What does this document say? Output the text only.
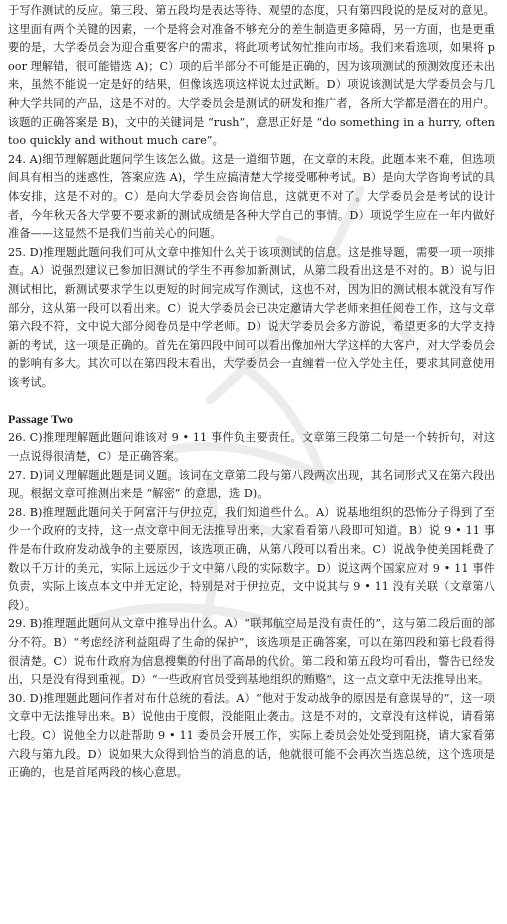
于写作测试的反应。第三段、第五段均是表达等待、观望的态度，只有第四段说的是反对的意见。这里面有两个关键的因素，一个是将会对准备不够充分的差生制造更多障碍，另一方面，也是更重要的是，大学委员会为迎合重要客户的需求，将此项考试匆忙推向市场。我们来看选项，如果将 poor 理解错，很可能错选 A)；C）项的后半部分不可能是正确的，因为该项测试的预测效度还未出来，虽然不能说一定是好的结果，但像该选项这样说太过武断。D）项说该测试是大学委员会与几种大学共同的产品，这是不对的。大学委员会是测试的研发和推广者，各所大学都是潜在的用户。该题的正确答案是 B)，文中的关键词是 “rush”，意思正好是 “do something in a hurry, often too quickly and without much care”。

24. A)细节理解题此题问学生该怎么做。这是一道细节题，在文章的末段。此题本来不难，但选项间具有相当的迷惑性，答案应选 A)，学生应搞清楚大学接受哪种考试。B）是向大学咨询考试的具体安排，这是不对的。C）是向大学委员会咨询信息，这就更不对了。大学委员会是考试的设计者，今年秋天各大学要不要求新的测试成绩是各种大学自己的事情。D）项说学生应在一年内做好准备——这显然不是我们当前关心的问题。

25. D)推理题此题问我们可从文章中推知什么关于该项测试的信息。这是推导题，需要一项一项排查。A）说强烈建议已参加旧测试的学生不再参加新测试，从第二段看出这是不对的。B）说与旧测试相比，新测试要求学生以更短的时间完成写作测试，这也不对，因为旧的测试根本就没有写作部分，这从第一段可以看出来。C）说大学委员会已决定邀请大学老师来担任阅卷工作，这与文章第六段不符，文中说大部分阅卷员是中学老师。D）说大学委员会多方游说，希望更多的大学支持新的考试，这一项是正确的。首先在第四段中间可以看出像加州大学这样的大客户，对大学委员会的影响有多大。其次可以在第四段末看出，大学委员会一直缠着一位入学处主任，要求其同意使用该考试。

Passage Two

26. C)推理理解题此题问谁该对 9 • 11 事件负主要责任。文章第三段第二句是一个转折句，对这一点说得很清楚，C）是正确答案。

27. D)词义理解题此题是词义题。该词在文章第二段与第八段两次出现，其名词形式又在第六段出现。根据文章可推测出来是 “解密” 的意思，选 D)。

28. B)推理题此题问关于阿富汗与伊拉克，我们知道些什么。A）说基地组织的恐怖分子得到了至少一个政府的支持，这一点文章中间无法推导出来，大家看看第八段即可知道。B）说 9 • 11 事件是布什政府发动战争的主要原因，该选项正确，从第八段可以看出来。C）说战争使美国耗费了数以千万计的美元，实际上远远少于文中第八段的实际数字。D）说这两个国家应对 9 • 11 事件负责，实际上该点本文中并无定论，特别是对于伊拉克，文中说其与 9 • 11 没有关联（文章第八段）。

29. B)推理题此题问从文章中推导出什么。A）“联邦航空局是没有责任的”，这与第二段后面的部分不符。B）“考虑经济利益阻碍了生命的保护”，该选项是正确答案，可以在第四段和第七段看得很清楚。C）说布什政府为信息搜集的付出了高昂的代价。第二段和第五段均可看出，警告已经发出，只是没有得到重视。D）“一些政府官员受到基地组织的贿赂”，这一点文章中无法推导出来。

30. D)推理题此题问作者对布什总统的看法。A）“他对于发动战争的原因是有意误导的”，这一项文章中无法推导出来。B）说他由于度假，没能阻止袭击。这是不对的，文章没有这样说，请看第七段。C）说他全力以赴帮助 9 • 11 委员会开展工作，实际上委员会处处受到阻挠，请大家看第六段与第九段。D）说如果大众得到恰当的消息的话，他就很可能不会再次当选总统，这个选项是正确的，也是首尾两段的核心意思。
